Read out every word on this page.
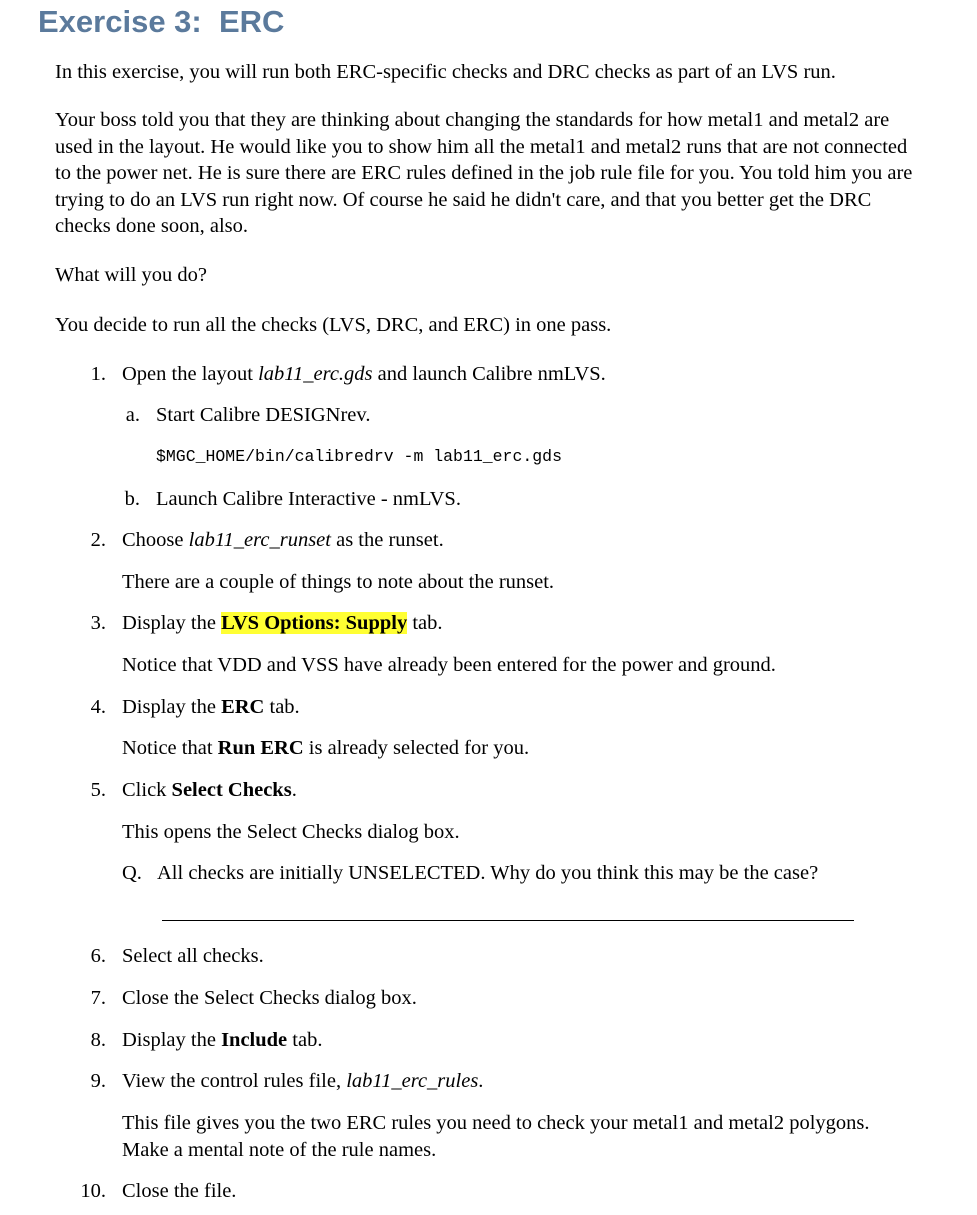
Exercise 3:  ERC

In this exercise, you will run both ERC-specific checks and DRC checks as part of an LVS run.

Your boss told you that they are thinking about changing the standards for how metal1 and metal2 are used in the layout. He would like you to show him all the metal1 and metal2 runs that are not connected to the power net. He is sure there are ERC rules defined in the job rule file for you. You told him you are trying to do an LVS run right now. Of course he said he didn't care, and that you better get the DRC checks done soon, also.

What will you do?

You decide to run all the checks (LVS, DRC, and ERC) in one pass.

1. Open the layout lab11_erc.gds and launch Calibre nmLVS.

a. Start Calibre DESIGNrev.

$MGC_HOME/bin/calibredrv -m lab11_erc.gds
b. Launch Calibre Interactive - nmLVS.

2. Choose lab11_erc_runset as the runset.

There are a couple of things to note about the runset.

3. Display the LVS Options: Supply tab.

Notice that VDD and VSS have already been entered for the power and ground.

4. Display the ERC tab.

Notice that Run ERC is already selected for you.

5. Click Select Checks.

This opens the Select Checks dialog box.

Q. All checks are initially UNSELECTED. Why do you think this may be the case?

6. Select all checks.

7. Close the Select Checks dialog box.

8. Display the Include tab.

9. View the control rules file, lab11_erc_rules.

This file gives you the two ERC rules you need to check your metal1 and metal2 polygons. Make a mental note of the rule names.

10. Close the file.
